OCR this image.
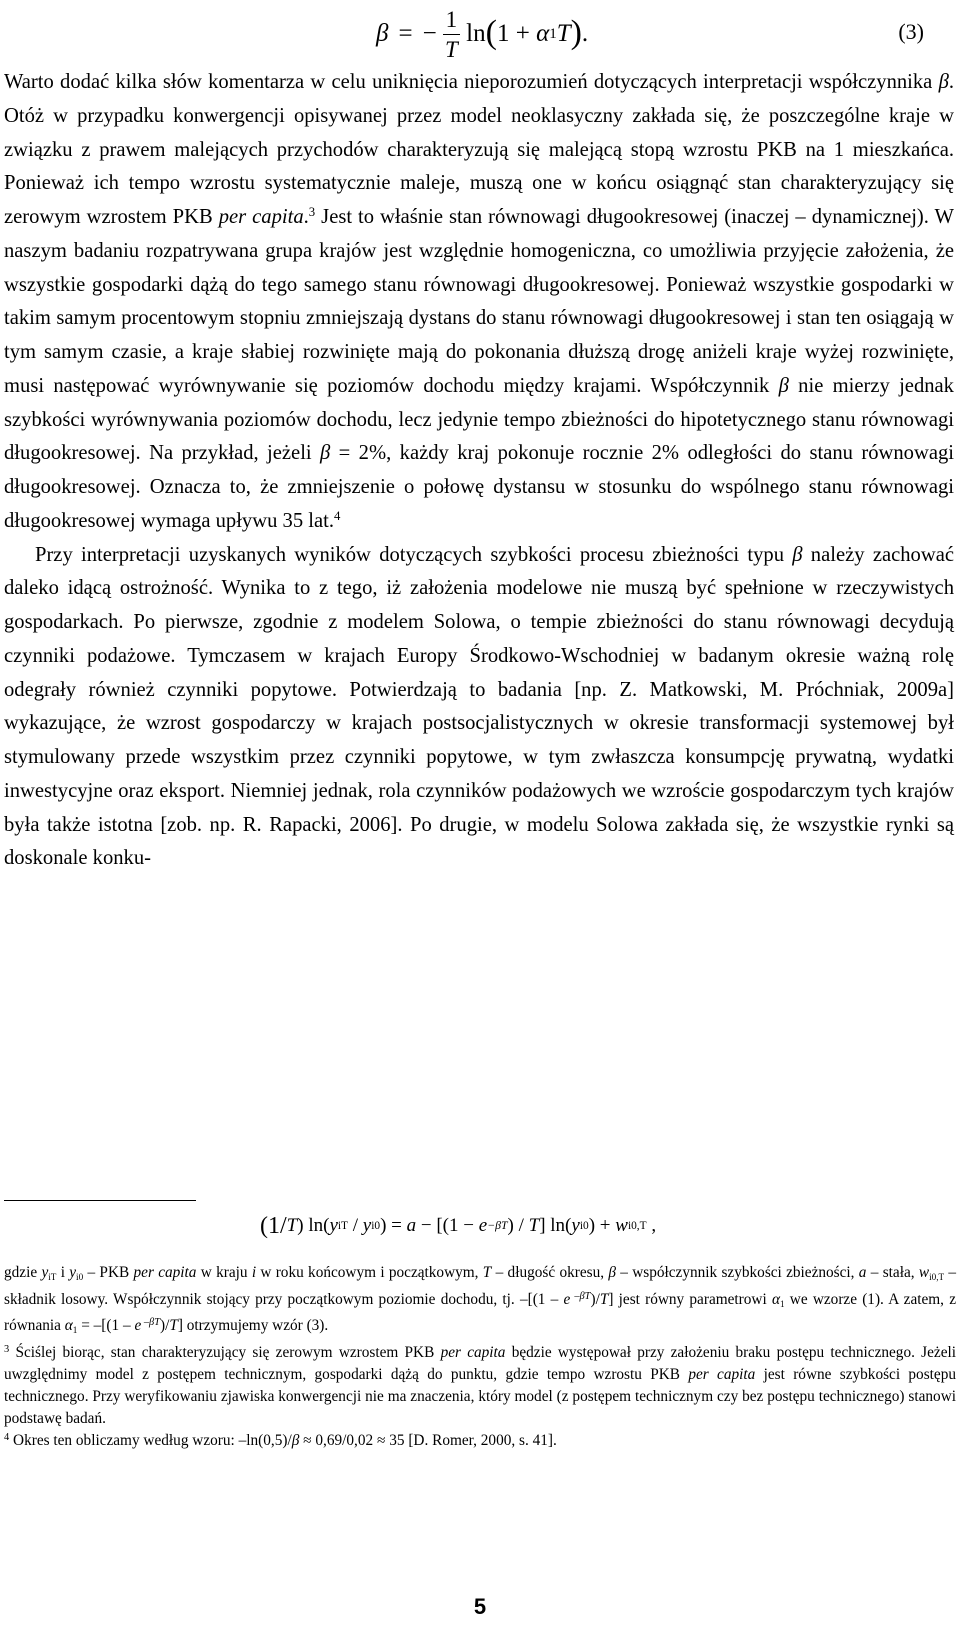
β = − $\frac{1}{T}$ ln ( 1 + α 1 T ) .	(3)

Warto dodać kilka słów komentarza w celu uniknięcia nieporozumień dotyczących interpretacji współczynnika β. Otóż w przypadku konwergencji opisywanej przez model neoklasyczny zakłada się, że poszczególne kraje w związku z prawem malejących przychodów charakteryzują się malejącą stopą wzrostu PKB na 1 mieszkańca. Ponieważ ich tempo wzrostu systematycznie maleje, muszą one w końcu osiągnąć stan charakteryzujący się zerowym wzrostem PKB per capita.$^3$ Jest to właśnie stan równowagi długookresowej (inaczej – dynamicznej). W naszym badaniu rozpatrywana grupa krajów jest względnie homogeniczna, co umożliwia przyjęcie założenia, że wszystkie gospodarki dążą do tego samego stanu równowagi długookresowej. Ponieważ wszystkie gospodarki w takim samym procentowym stopniu zmniejszają dystans do stanu równowagi długookresowej i stan ten osiągają w tym samym czasie, a kraje słabiej rozwinięte mają do pokonania dłuższą drogę aniżeli kraje wyżej rozwinięte, musi następować wyrównywanie się poziomów dochodu między krajami. Współczynnik β nie mierzy jednak szybkości wyrównywania poziomów dochodu, lecz jedynie tempo zbieżności do hipotetycznego stanu równowagi długookresowej. Na przykład, jeżeli β = 2%, każdy kraj pokonuje rocznie 2% odległości do stanu równowagi długookresowej. Oznacza to, że zmniejszenie o połowę dystansu w stosunku do wspólnego stanu równowagi długookresowej wymaga upływu 35 lat.$^4$

Przy interpretacji uzyskanych wyników dotyczących szybkości procesu zbieżności typu β należy zachować daleko idącą ostrożność. Wynika to z tego, iż założenia modelowe nie muszą być spełnione w rzeczywistych gospodarkach. Po pierwsze, zgodnie z modelem Solowa, o tempie zbieżności do stanu równowagi decydują czynniki podażowe. Tymczasem w krajach Europy Środkowo-Wschodniej w badanym okresie ważną rolę odegrały również czynniki popytowe. Potwierdzają to badania [np. Z. Matkowski, M. Próchniak, 2009a] wykazujące, że wzrost gospodarczy w krajach postsocjalistycznych w okresie transformacji systemowej był stymulowany przede wszystkim przez czynniki popytowe, w tym zwłaszcza konsumpcję prywatną, wydatki inwestycyjne oraz eksport. Niemniej jednak, rola czynników podażowych we wzroście gospodarczym tych krajów była także istotna [zob. np. R. Rapacki, 2006]. Po drugie, w modelu Solowa zakłada się, że wszystkie rynki są doskonale konku-

(1/ T ) ln( y iT / y i0 ) = a − [(1 − e −βT ) / T ] ln( y i0 ) + w i0,T ,

gdzie $y_{iT}$ i $y_{i0}$ – PKB per capita w kraju i w roku końcowym i początkowym, T – długość okresu, β – współczynnik szybkości zbieżności, a – stała, $w_{i0,T}$ – składnik losowy. Współczynnik stojący przy początkowym poziomie dochodu, tj. –[(1 – e $^{-\beta T}$)/T] jest równy parametrowi $\alpha_1$ we wzorze (1). A zatem, z równania $\alpha_1 = -[(1 - e$ $^{-\beta T}$)/T] otrzymujemy wzór (3).

$^3$ Ściślej biorąc, stan charakteryzujący się zerowym wzrostem PKB per capita będzie występował przy założeniu braku postępu technicznego. Jeżeli uwzględnimy model z postępem technicznym, gospodarki dążą do punktu, gdzie tempo wzrostu PKB per capita jest równe szybkości postępu technicznego. Przy weryfikowaniu zjawiska konwergencji nie ma znaczenia, który model (z postępem technicznym czy bez postępu technicznego) stanowi podstawę badań.

$^4$ Okres ten obliczamy według wzoru: –ln(0,5)/β ≈ 0,69/0,02 ≈ 35 [D. Romer, 2000, s. 41].

5
